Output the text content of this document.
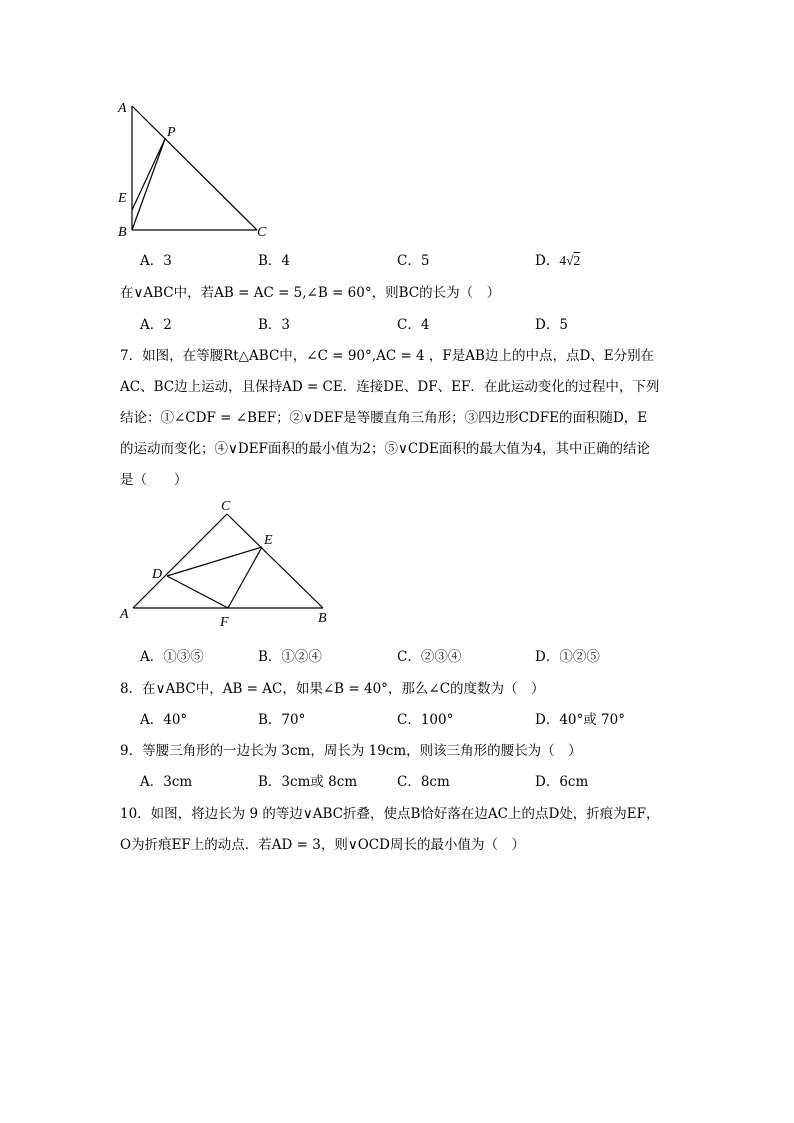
A
P
E
B	C
A．3	B．4	C．5	D．4√2
在∨ABC中，若AB = AC = 5,∠B = 60°，则BC的长为（　）
A．2	B．3	C．4	D．5
7．如图，在等腰Rt△ABC中，∠C = 90°,AC = 4 ，F是AB边上的中点，点D、E分别在
AC、BC边上运动，且保持AD = CE．连接DE、DF、EF．在此运动变化的过程中，下列
结论：①∠CDF = ∠BEF；②∨DEF是等腰直角三角形；③四边形CDFE的面积随D，E
的运动而变化；④∨DEF面积的最小值为2；⑤∨CDE面积的最大值为4，其中正确的结论
是（　　）
C
E
D
A
F	B
A．①③⑤	B．①②④	C．②③④	D．①②⑤
8．在∨ABC中，AB = AC，如果∠B = 40°，那么∠C的度数为（　）
A．40°	B．70°	C．100°	D．40°或 70°
9．等腰三角形的一边长为 3cm，周长为 19cm，则该三角形的腰长为（　）
A．3cm	B．3cm或 8cm	C．8cm	D．6cm
10．如图，将边长为 9 的等边∨ABC折叠，使点B恰好落在边AC上的点D处，折痕为EF，
O为折痕EF上的动点．若AD = 3，则∨OCD周长的最小值为（　）
